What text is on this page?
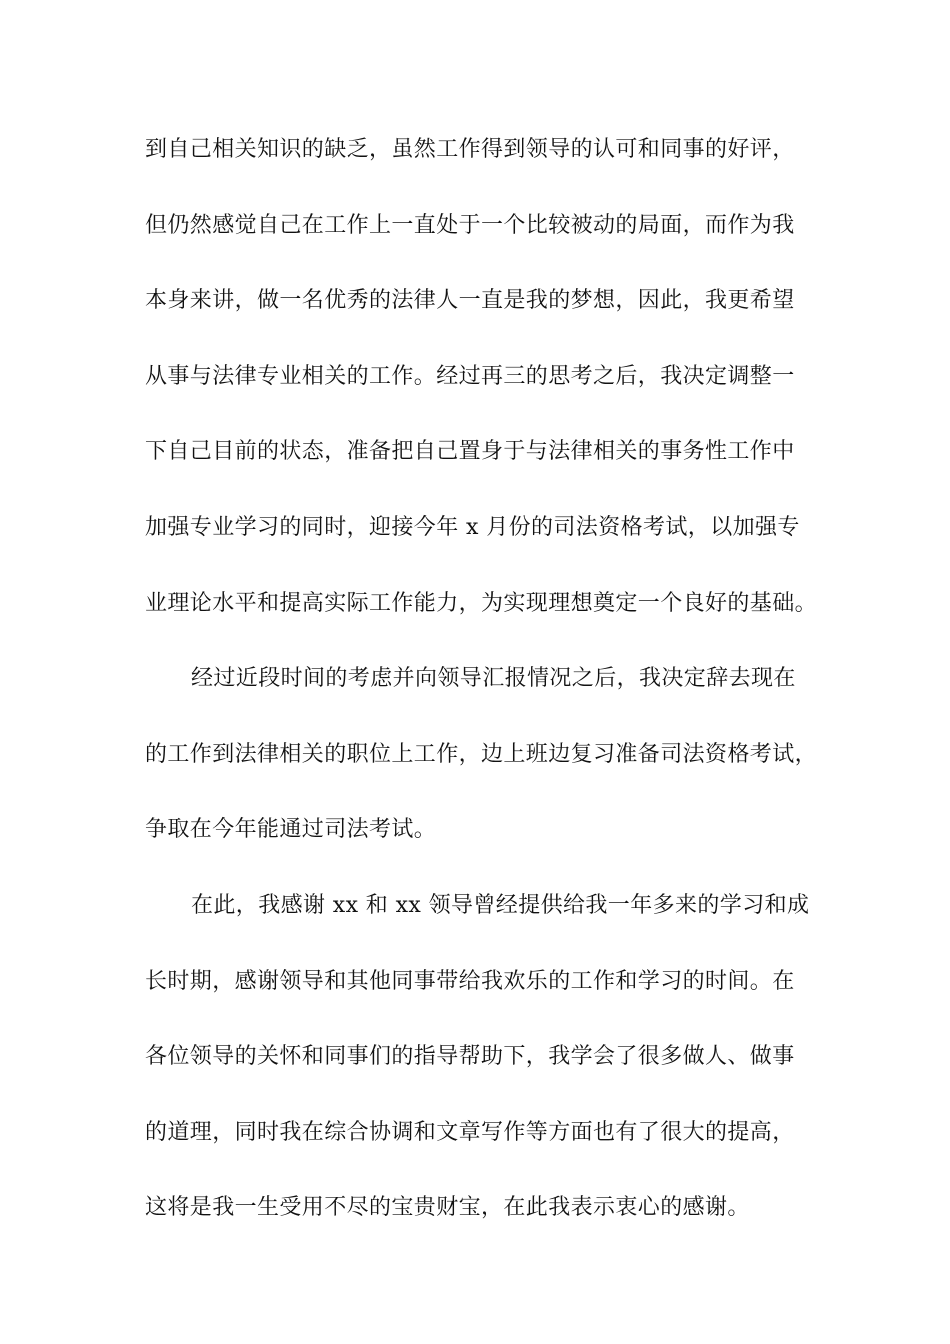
到自己相关知识的缺乏，虽然工作得到领导的认可和同事的好评，
但仍然感觉自己在工作上一直处于一个比较被动的局面，而作为我
本身来讲，做一名优秀的法律人一直是我的梦想，因此，我更希望
从事与法律专业相关的工作。经过再三的思考之后，我决定调整一
下自己目前的状态，准备把自己置身于与法律相关的事务性工作中
加强专业学习的同时，迎接今年 x 月份的司法资格考试，以加强专
业理论水平和提高实际工作能力，为实现理想奠定一个良好的基础。
经过近段时间的考虑并向领导汇报情况之后，我决定辞去现在
的工作到法律相关的职位上工作，边上班边复习准备司法资格考试，
争取在今年能通过司法考试。
在此，我感谢 xx 和 xx 领导曾经提供给我一年多来的学习和成
长时期，感谢领导和其他同事带给我欢乐的工作和学习的时间。在
各位领导的关怀和同事们的指导帮助下，我学会了很多做人、做事
的道理，同时我在综合协调和文章写作等方面也有了很大的提高，
这将是我一生受用不尽的宝贵财宝，在此我表示衷心的感谢。
